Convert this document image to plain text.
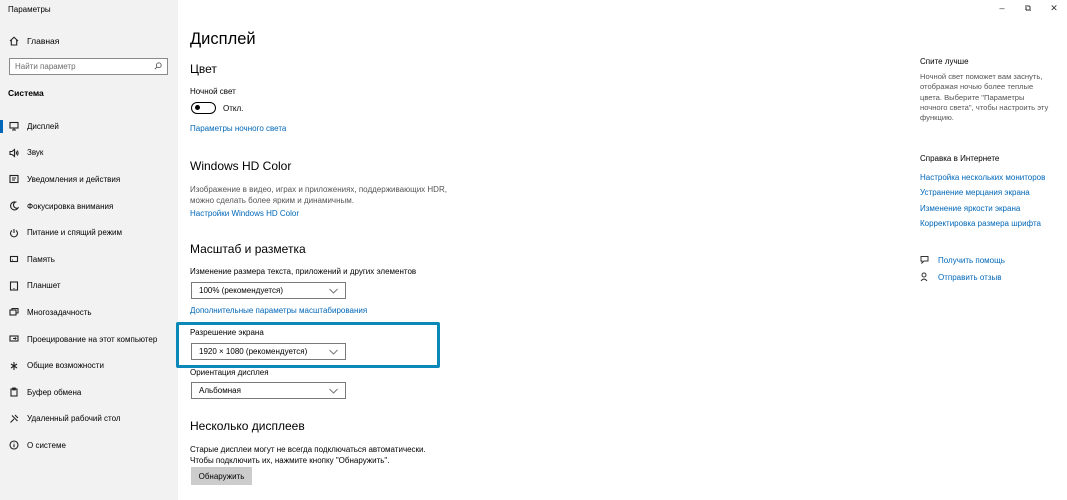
Параметры
Главная
Найти параметр
Система
Дисплей
Звук
Уведомления и действия
Фокусировка внимания
Питание и спящий режим
Память
Планшет
Многозадачность
Проецирование на этот компьютер
Общие возможности
Буфер обмена
Удаленный рабочий стол
О системе
Дисплей
Цвет
Ночной свет
Откл.
Параметры ночного света
Windows HD Color
Изображение в видео, играх и приложениях, поддерживающих HDR,
можно сделать более ярким и динамичным.
Настройки Windows HD Color
Масштаб и разметка
Изменение размера текста, приложений и других элементов
100% (рекомендуется)
Дополнительные параметры масштабирования
Разрешение экрана
1920 × 1080 (рекомендуется)
Ориентация дисплея
Альбомная
Несколько дисплеев
Старые дисплеи могут не всегда подключаться автоматически.
Чтобы подключить их, нажмите кнопку "Обнаружить".
Обнаружить
Спите лучше
Ночной свет поможет вам заснуть,
отображая ночью более теплые
цвета. Выберите "Параметры
ночного света", чтобы настроить эту
функцию.
Справка в Интернете
Настройка нескольких мониторов
Устранение мерцания экрана
Изменение яркости экрана
Корректировка размера шрифта
Получить помощь
Отправить отзыв
–	⧉	✕
